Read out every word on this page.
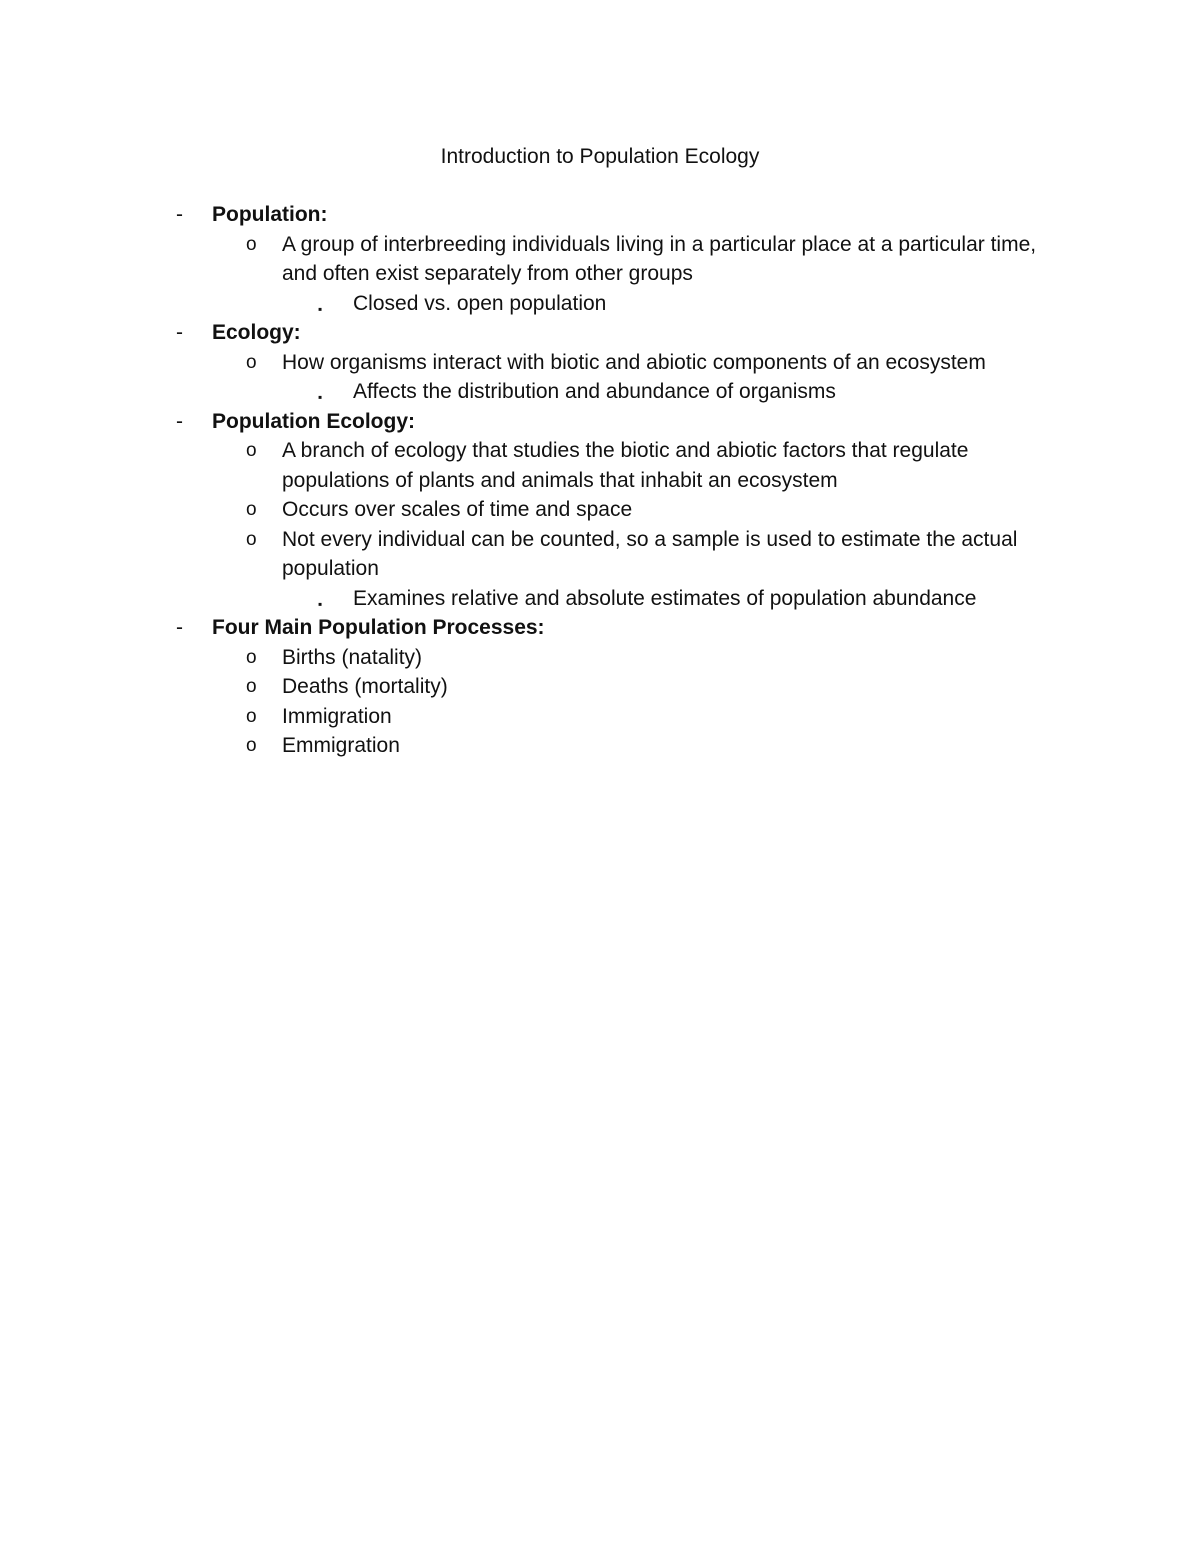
Introduction to Population Ecology
- Population:
o A group of interbreeding individuals living in a particular place at a particular time, and often exist separately from other groups
▪ Closed vs. open population
- Ecology:
o How organisms interact with biotic and abiotic components of an ecosystem
▪ Affects the distribution and abundance of organisms
- Population Ecology:
o A branch of ecology that studies the biotic and abiotic factors that regulate populations of plants and animals that inhabit an ecosystem
o Occurs over scales of time and space
o Not every individual can be counted, so a sample is used to estimate the actual population
▪ Examines relative and absolute estimates of population abundance
- Four Main Population Processes:
o Births (natality)
o Deaths (mortality)
o Immigration
o Emmigration
